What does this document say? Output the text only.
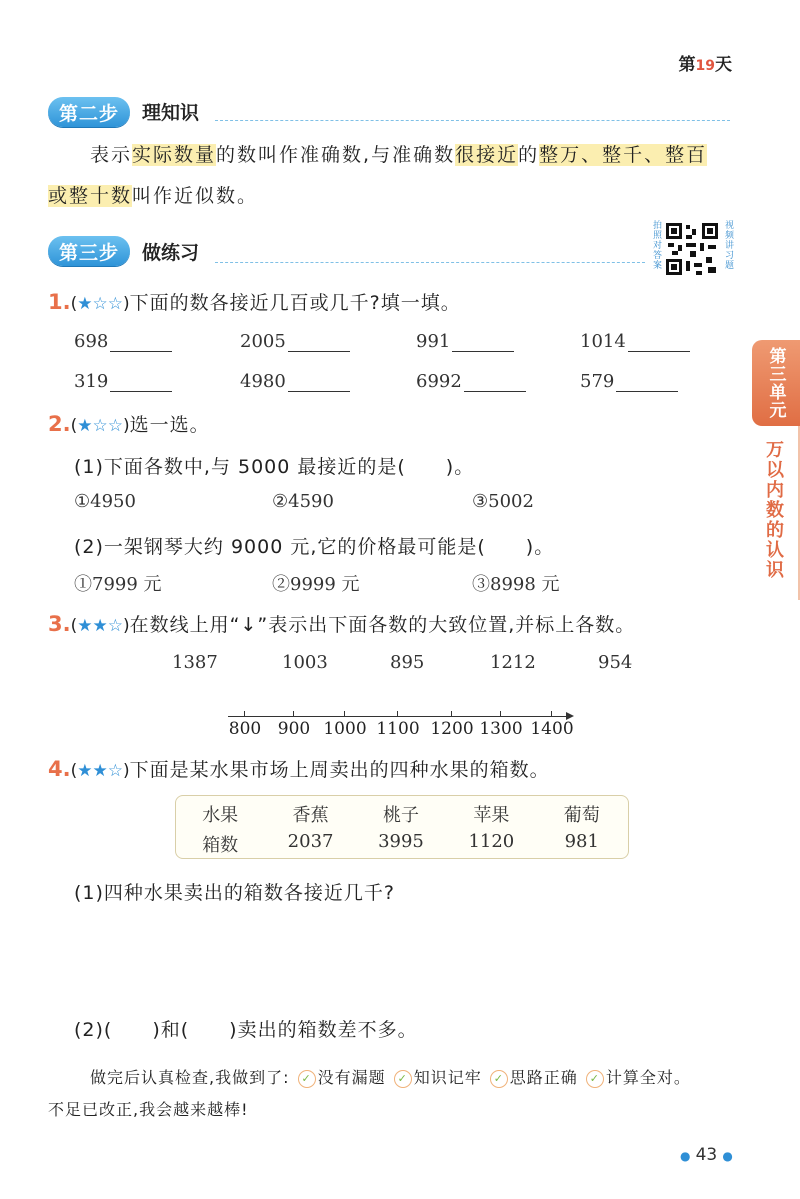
第19天
第二步	理知识
表示实际数量的数叫作准确数,与准确数很接近的整万、整千、整百
或整十数叫作近似数。
第三步	做练习	拍照对答案	视频讲习题
1.(★☆☆)下面的数各接近几百或几千?填一填。
698	2005	991	1014
319	4980	6992	579
2.(★☆☆)选一选。
(1)下面各数中,与 5000 最接近的是(　　)。
①4950	②4590	③5002
(2)一架钢琴大约 9000 元,它的价格最可能是(　　)。
①7999 元	②9999 元	③8998 元
3.(★★☆)在数线上用“↓”表示出下面各数的大致位置,并标上各数。
1387	1003	895	1212	954
800 900 1000 1100 1200 1300 1400
4.(★★☆)下面是某水果市场上周卖出的四种水果的箱数。
水果	香蕉	桃子	苹果	葡萄
箱数	2037	3995	1120	981
(1)四种水果卖出的箱数各接近几千?
(2)(　　)和(　　)卖出的箱数差不多。
做完后认真检查,我做到了: ✓ 没有漏题 ✓ 知识记牢 ✓ 思路正确 ✓ 计算全对。
不足已改正,我会越来越棒!
● 43 ●
第三单元
万以内数的认识
